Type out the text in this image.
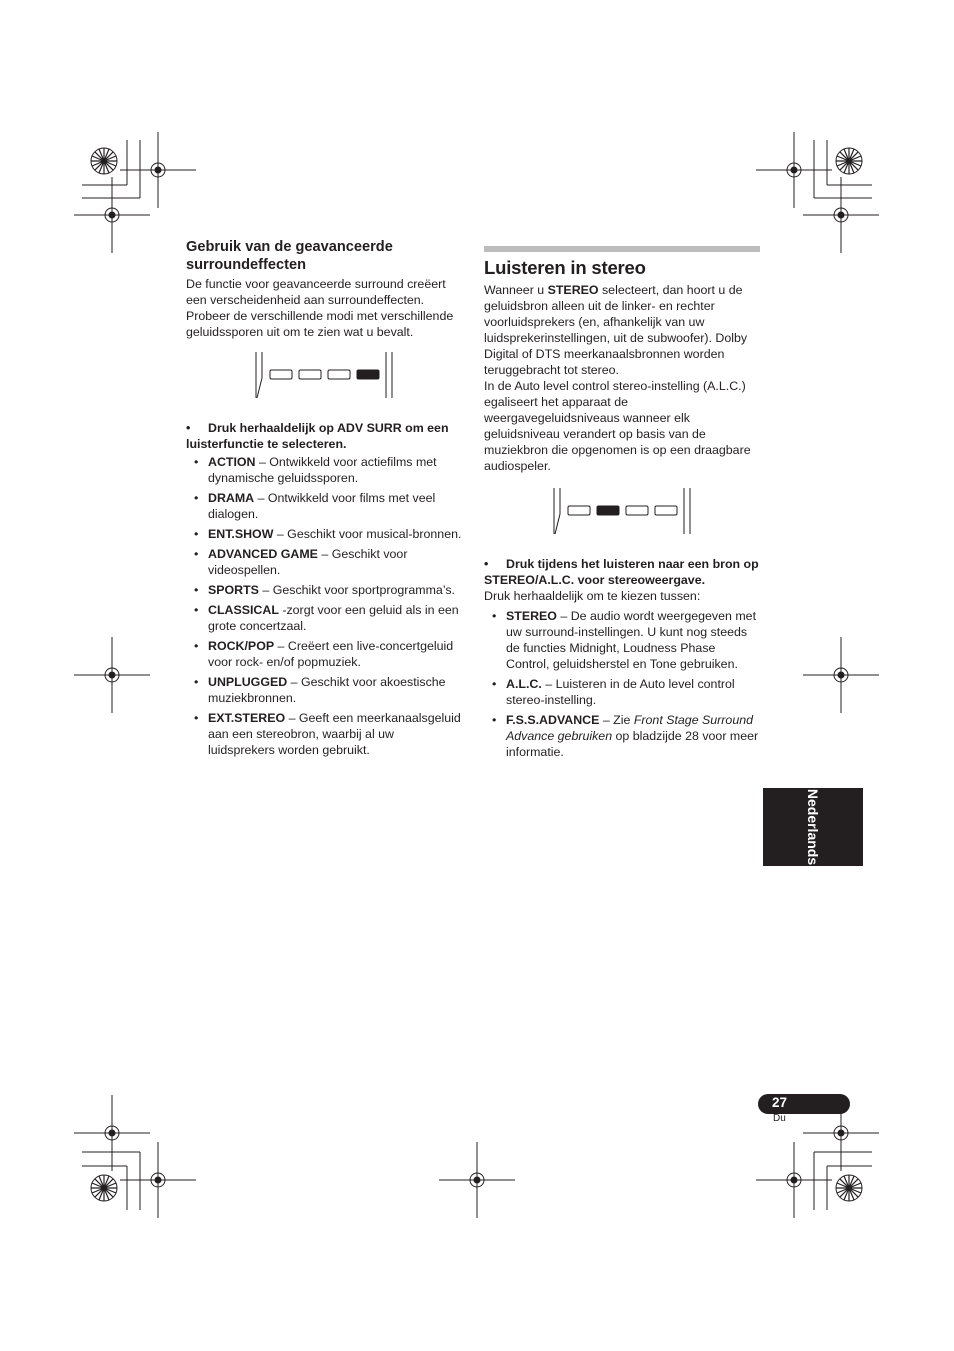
Gebruik van de geavanceerde surroundeffecten

De functie voor geavanceerde surround creëert een verscheidenheid aan surroundeffecten. Probeer de verschillende modi met verschillende geluidssporen uit om te zien wat u bevalt.

• Druk herhaaldelijk op ADV SURR om een luisterfunctie te selecteren.

• ACTION – Ontwikkeld voor actiefilms met dynamische geluidssporen.
• DRAMA – Ontwikkeld voor films met veel dialogen.
• ENT.SHOW – Geschikt voor musical-bronnen.
• ADVANCED GAME – Geschikt voor videospellen.
• SPORTS – Geschikt voor sportprogramma’s.
• CLASSICAL -zorgt voor een geluid als in een grote concertzaal.
• ROCK/POP – Creëert een live-concertgeluid voor rock- en/of popmuziek.
• UNPLUGGED – Geschikt voor akoestische muziekbronnen.
• EXT.STEREO – Geeft een meerkanaalsgeluid aan een stereobron, waarbij al uw luidsprekers worden gebruikt.
Luisteren in stereo

Wanneer u STEREO selecteert, dan hoort u de geluidsbron alleen uit de linker- en rechter voorluidsprekers (en, afhankelijk van uw luidsprekerinstellingen, uit de subwoofer). Dolby Digital of DTS meerkanaalsbronnen worden teruggebracht tot stereo.

In de Auto level control stereo-instelling (A.L.C.) egaliseert het apparaat de weergavegeluidsniveaus wanneer elk geluidsniveau verandert op basis van de muziekbron die opgenomen is op een draagbare audiospeler.

• Druk tijdens het luisteren naar een bron op STEREO/A.L.C. voor stereoweergave.

Druk herhaaldelijk om te kiezen tussen:

• STEREO – De audio wordt weergegeven met uw surround-instellingen. U kunt nog steeds de functies Midnight, Loudness Phase Control, geluidsherstel en Tone gebruiken.
• A.L.C. – Luisteren in de Auto level control stereo-instelling.
• F.S.S.ADVANCE – Zie Front Stage Surround Advance gebruiken op bladzijde 28 voor meer informatie.
Nederlands
27
Du
